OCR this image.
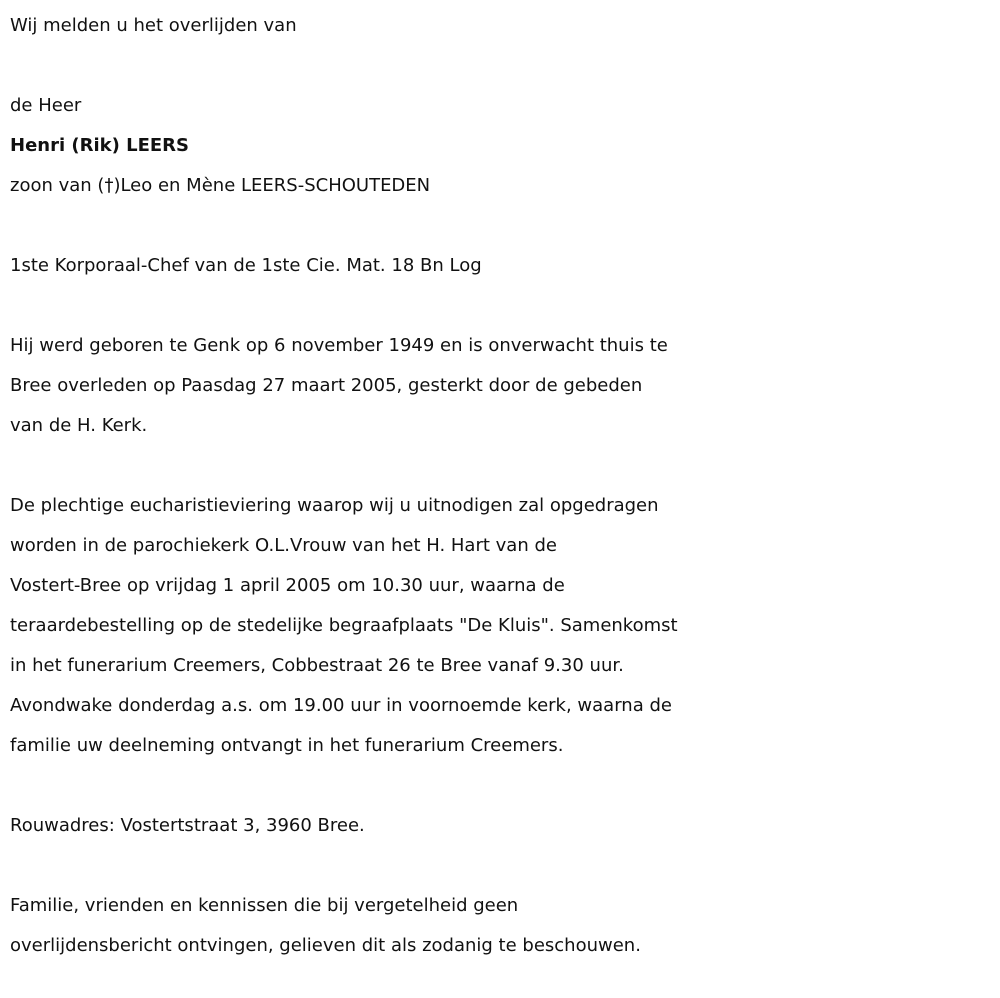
Wij melden u het overlijden van
de Heer
Henri (Rik) LEERS
zoon van (†)Leo en Mène LEERS-SCHOUTEDEN
1ste Korporaal-Chef van de 1ste Cie. Mat. 18 Bn Log
Hij werd geboren te Genk op 6 november 1949 en is onverwacht thuis te
Bree overleden op Paasdag 27 maart 2005, gesterkt door de gebeden
van de H. Kerk.
De plechtige eucharistieviering waarop wij u uitnodigen zal opgedragen
worden in de parochiekerk O.L.Vrouw van het H. Hart van de
Vostert-Bree op vrijdag 1 april 2005 om 10.30 uur, waarna de
teraardebestelling op de stedelijke begraafplaats "De Kluis". Samenkomst
in het funerarium Creemers, Cobbestraat 26 te Bree vanaf 9.30 uur.
Avondwake donderdag a.s. om 19.00 uur in voornoemde kerk, waarna de
familie uw deelneming ontvangt in het funerarium Creemers.
Rouwadres: Vostertstraat 3, 3960 Bree.
Familie, vrienden en kennissen die bij vergetelheid geen
overlijdensbericht ontvingen, gelieven dit als zodanig te beschouwen.
